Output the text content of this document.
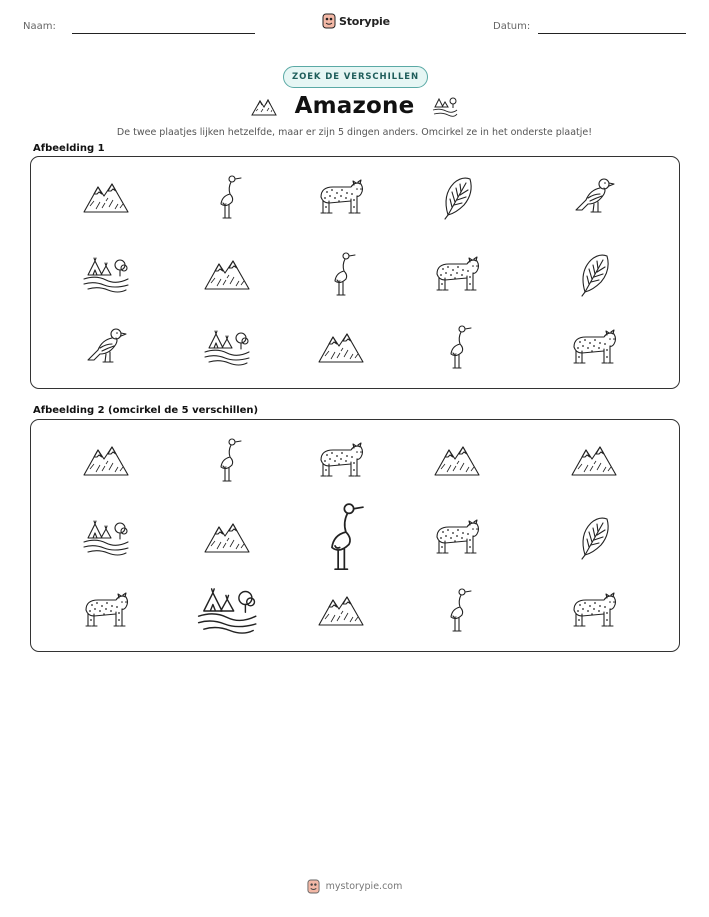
Naam:	Storypie	Datum:
ZOEK DE VERSCHILLEN
Amazone
De twee plaatjes lijken hetzelfde, maar er zijn 5 dingen anders. Omcirkel ze in het onderste plaatje!
Afbeelding 1
Afbeelding 2 (omcirkel de 5 verschillen)
mystorypie.com
